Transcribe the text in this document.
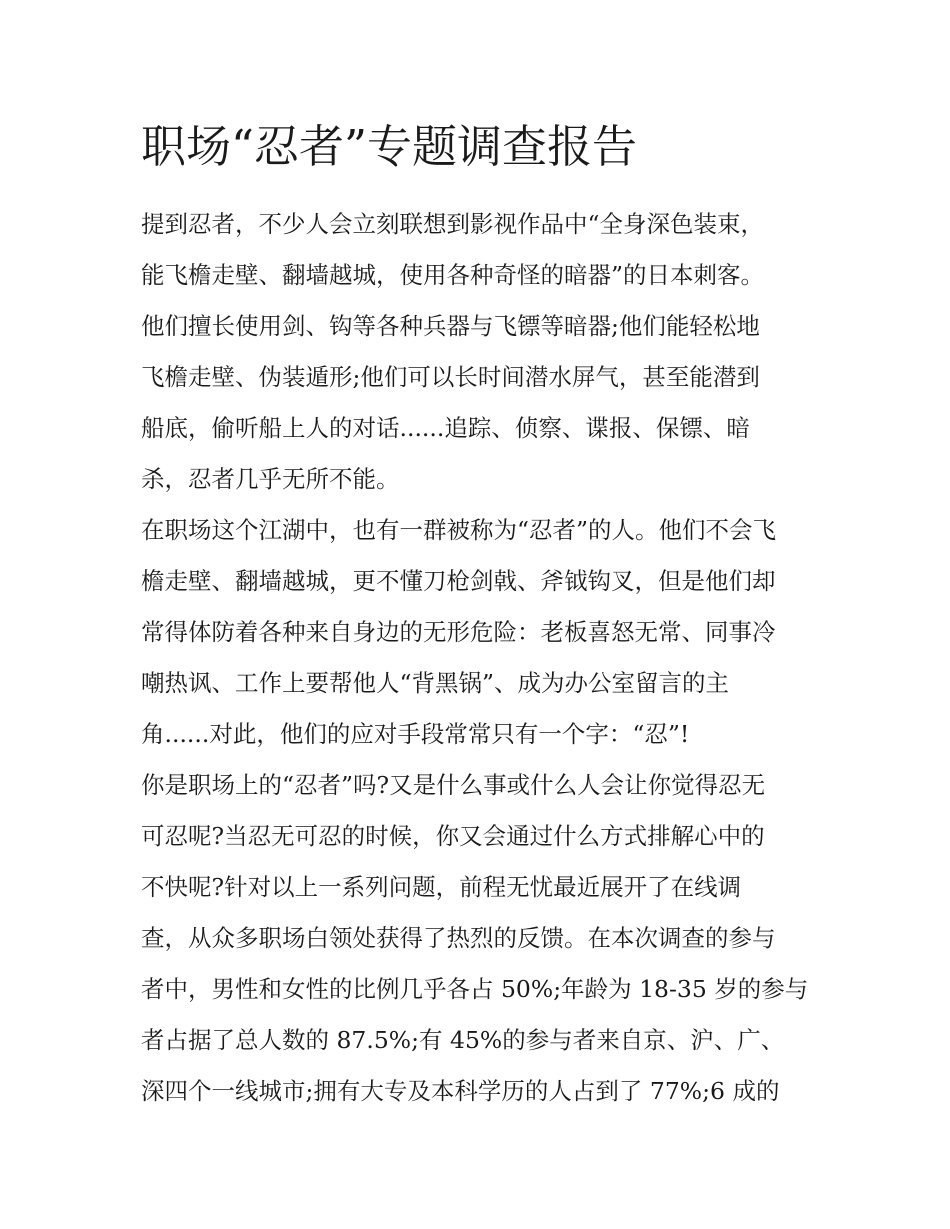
职场“忍者”专题调查报告
提到忍者，不少人会立刻联想到影视作品中“全身深色装束，
能飞檐走壁、翻墙越城，使用各种奇怪的暗器”的日本刺客。
他们擅长使用剑、钩等各种兵器与飞镖等暗器;他们能轻松地
飞檐走壁、伪装遁形;他们可以长时间潜水屏气，甚至能潜到
船底，偷听船上人的对话......追踪、侦察、谍报、保镖、暗
杀，忍者几乎无所不能。
在职场这个江湖中，也有一群被称为“忍者”的人。他们不会飞
檐走壁、翻墙越城，更不懂刀枪剑戟、斧钺钩叉，但是他们却
常得体防着各种来自身边的无形危险：老板喜怒无常、同事冷
嘲热讽、工作上要帮他人“背黑锅”、成为办公室留言的主
角......对此，他们的应对手段常常只有一个字：“忍”!
你是职场上的“忍者”吗?又是什么事或什么人会让你觉得忍无
可忍呢?当忍无可忍的时候，你又会通过什么方式排解心中的
不快呢?针对以上一系列问题，前程无忧最近展开了在线调
查，从众多职场白领处获得了热烈的反馈。在本次调查的参与
者中，男性和女性的比例几乎各占 50%;年龄为 18-35 岁的参与
者占据了总人数的 87.5%;有 45%的参与者来自京、沪、广、
深四个一线城市;拥有大专及本科学历的人占到了 77%;6 成的
